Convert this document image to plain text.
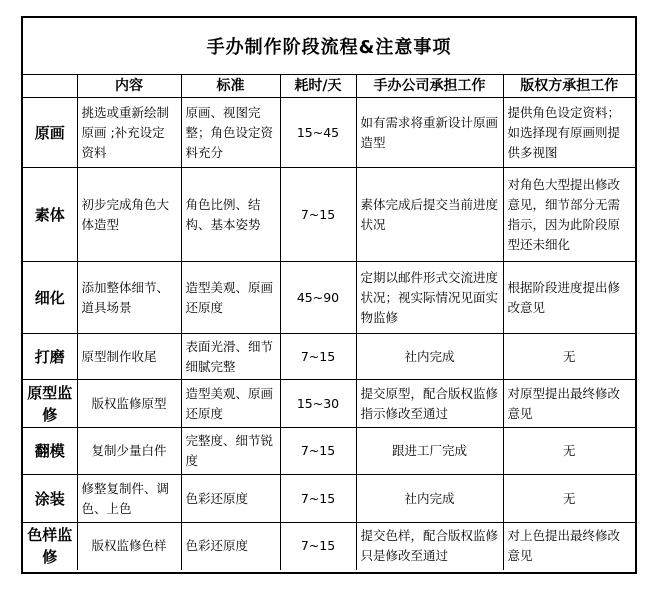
手办制作阶段流程&注意事项
	内容	标准	耗时/天	手办公司承担工作	版权方承担工作
原画	挑选或重新绘制原画 ;补充设定资料	原画、视图完整；角色设定资料充分	15~45	如有需求将重新设计原画造型	提供角色设定资料；如选择现有原画则提供多视图
素体	初步完成角色大体造型	角色比例、结构、基本姿势	7~15	素体完成后提交当前进度状况	对角色大型提出修改意见，细节部分无需指示，因为此阶段原型还未细化
细化	添加整体细节、道具场景	造型美观、原画还原度	45~90	定期以邮件形式交流进度状况；视实际情况见面实物监修	根据阶段进度提出修改意见
打磨	原型制作收尾	表面光滑、细节细腻完整	7~15	社内完成	无
原型监修	版权监修原型	造型美观、原画还原度	15~30	提交原型，配合版权监修指示修改至通过	对原型提出最终修改意见
翻模	复制少量白件	完整度、细节锐度	7~15	跟进工厂完成	无
涂装	修整复制件、调色、上色	色彩还原度	7~15	社内完成	无
色样监修	版权监修色样	色彩还原度	7~15	提交色样，配合版权监修只是修改至通过	对上色提出最终修改意见
